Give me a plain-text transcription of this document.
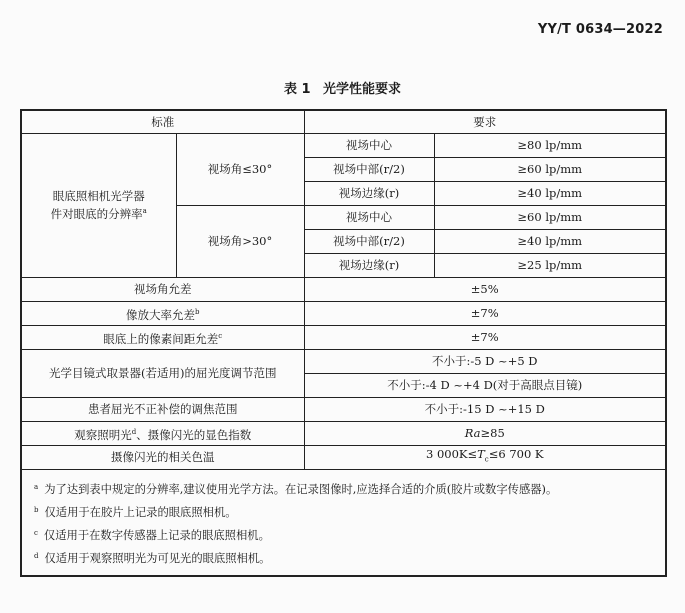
YY/T 0634—2022
表 1 光学性能要求
标准		要求	
眼底照相机光学器
件对眼底的分辨率$^a$	视场角≤30°	视场中心	≥80 lp/mm
		视场中部(r/2)	≥60 lp/mm
		视场边缘(r)	≥40 lp/mm
	视场角>30°	视场中心	≥60 lp/mm
		视场中部(r/2)	≥40 lp/mm
		视场边缘(r)	≥25 lp/mm
视场角允差		±5%	
像放大率允差$^b$		±7%	
眼底上的像素间距允差$^c$		±7%	
光学目镜式取景器(若适用)的屈光度调节范围		不小于:-5 D ~+5 D	
		不小于:-4 D ~+4 D(对于高眼点目镜)	
患者屈光不正补偿的调焦范围		不小于:-15 D ~+15 D	
观察照明光$^d$、摄像闪光的显色指数		Ra≥85	
摄像闪光的相关色温		3 $000K\le T_c\le 6$ 700 K	

$^a$ 为了达到表中规定的分辨率,建议使用光学方法。在记录图像时,应选择合适的介质(胶片或数字传感器)。
$^b$ 仅适用于在胶片上记录的眼底照相机。
$^c$ 仅适用于在数字传感器上记录的眼底照相机。
$^d$ 仅适用于观察照明光为可见光的眼底照相机。			
